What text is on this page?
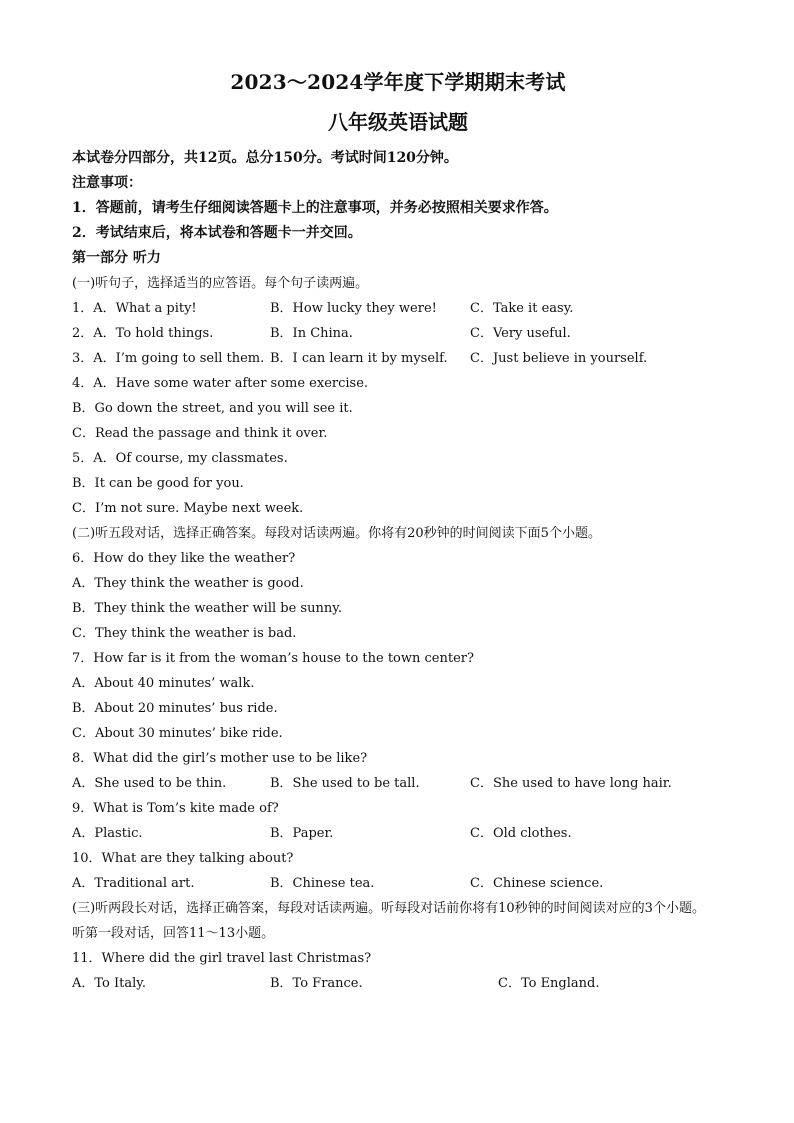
2023～2024学年度下学期期末考试
八年级英语试题
本试卷分四部分，共12页。总分150分。考试时间120分钟。
注意事项：
1．答题前，请考生仔细阅读答题卡上的注意事项，并务必按照相关要求作答。
2．考试结束后，将本试卷和答题卡一并交回。
第一部分 听力
(一)听句子，选择适当的应答语。每个句子读两遍。
1．A．What a pity!	B．How lucky they were!	C．Take it easy.
2．A．To hold things.	B．In China.	C．Very useful.
3．A．I’m going to sell them. B．I can learn it by myself.	C．Just believe in yourself.
4．A．Have some water after some exercise.
B．Go down the street, and you will see it.
C．Read the passage and think it over.
5．A．Of course, my classmates.
B．It can be good for you.
C．I’m not sure. Maybe next week.
(二)听五段对话，选择正确答案。每段对话读两遍。你将有20秒钟的时间阅读下面5个小题。
6．How do they like the weather?
A．They think the weather is good.
B．They think the weather will be sunny.
C．They think the weather is bad.
7．How far is it from the woman’s house to the town center?
A．About 40 minutes’ walk.
B．About 20 minutes’ bus ride.
C．About 30 minutes’ bike ride.
8．What did the girl’s mother use to be like?
A．She used to be thin.	B．She used to be tall.	C．She used to have long hair.
9．What is Tom’s kite made of?
A．Plastic.	B．Paper.	C．Old clothes.
10．What are they talking about?
A．Traditional art.	B．Chinese tea.	C．Chinese science.
(三)听两段长对话，选择正确答案，每段对话读两遍。听每段对话前你将有10秒钟的时间阅读对应的3个小题。
听第一段对话，回答11～13小题。
11．Where did the girl travel last Christmas?
A．To Italy.	B．To France.	C．To England.
